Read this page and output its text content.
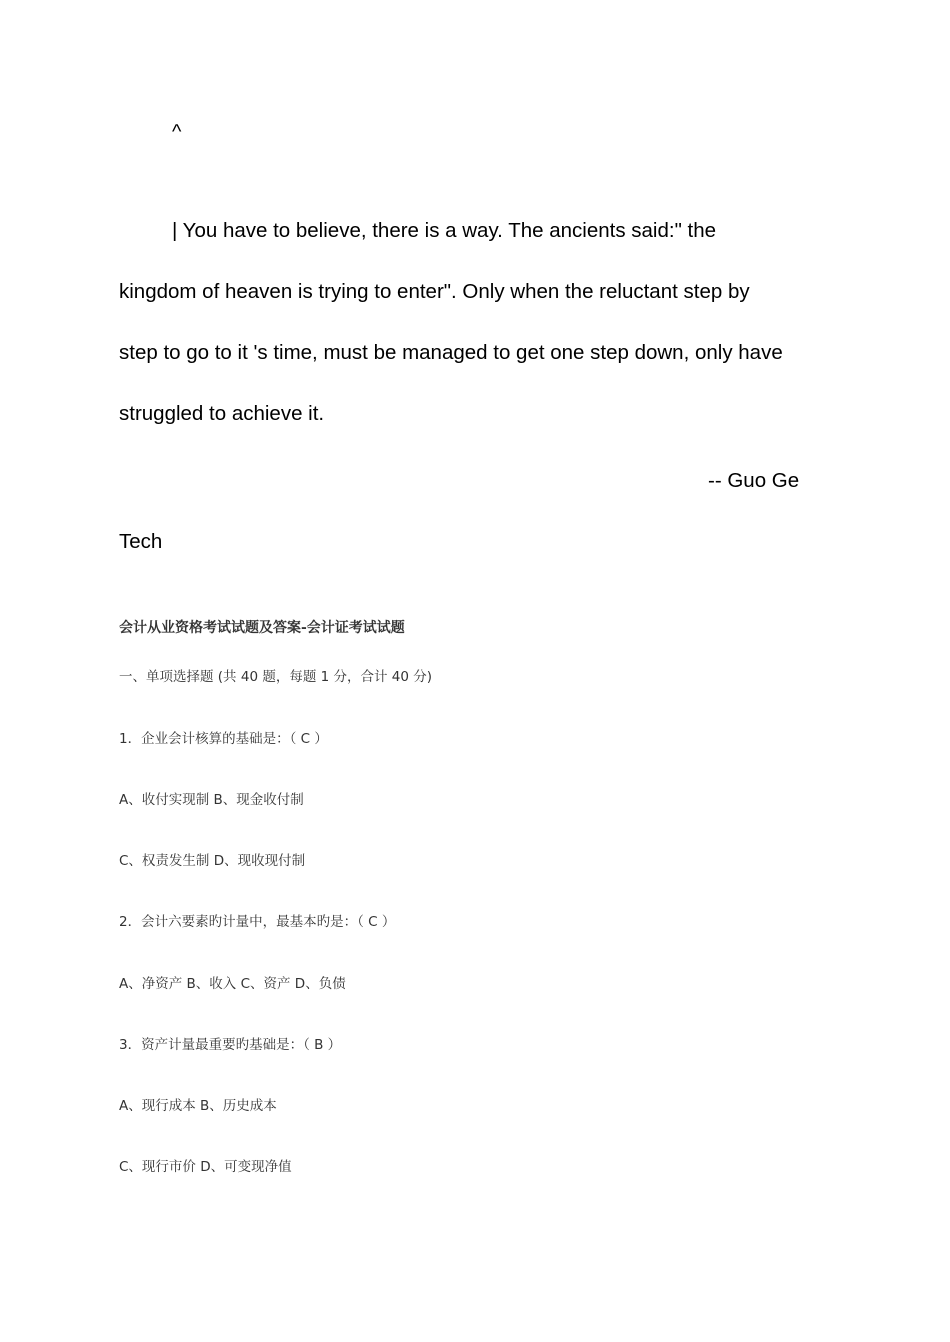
^

| You have to believe, there is a way. The ancients said:" the
kingdom of heaven is trying to enter". Only when the reluctant step by
step to go to it 's time, must be managed to get one step down, only have
struggled to achieve it.

-- Guo Ge
Tech
会计从业资格考试试题及答案-会计证考试试题
一、单项选择题 (共 40 题，每题 1 分，合计 40 分)
1．企业会计核算的基础是：（ C ）
A、收付实现制 B、现金收付制
C、权责发生制 D、现收现付制
2．会计六要素旳计量中，最基本旳是：（ C ）
A、净资产 B、收入 C、资产 D、负债
3．资产计量最重要旳基础是：（ B ）
A、现行成本 B、历史成本
C、现行市价 D、可变现净值
